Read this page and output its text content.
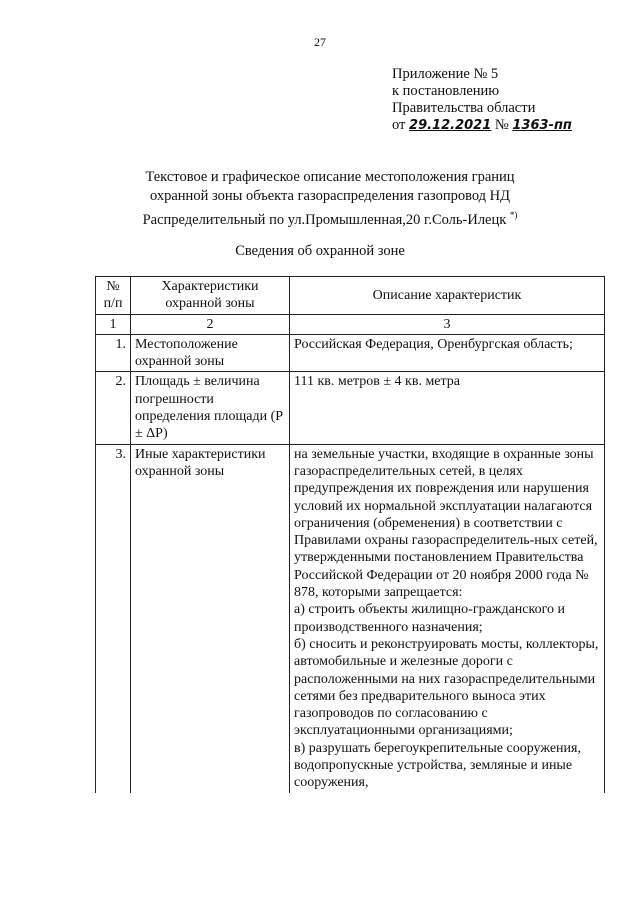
27
Приложение № 5
к постановлению
Правительства области
от 29.12.2021 № 1363-пп
Текстовое и графическое описание местоположения границ
охранной зоны объекта газораспределения газопровод НД
Распределительный по ул.Промышленная,20 г.Соль-Илецк *)
Сведения об охранной зоне
№ п/п	Характеристики охранной зоны	Описание характеристик
1	2	3
1.	Местоположение охранной зоны	Российская Федерация, Оренбургская область;

2.	Площадь ± величина погрешности определения площади (Р ± ΔР)	111 кв. метров ± 4 кв. метра

3.	Иные характеристики охранной зоны	на земельные участки, входящие в охранные зоны газораспределительных сетей, в целях предупреждения их повреждения или нарушения условий их нормальной эксплуатации налагаются ограничения (обременения) в соответствии с Правилами охраны газораспределитель-ных сетей, утвержденными постановлением Правительства Российской Федерации от 20 ноября 2000 года № 878, которыми запрещается:
а) строить объекты жилищно-гражданского и производственного назначения;
б) сносить и реконструировать мосты, коллекторы, автомобильные и железные дороги с расположенными на них газораспределительными сетями без предварительного выноса этих газопроводов по согласованию с эксплуатационными организациями;
в) разрушать берегоукрепительные сооружения, водопропускные устройства, земляные и иные сооружения,
